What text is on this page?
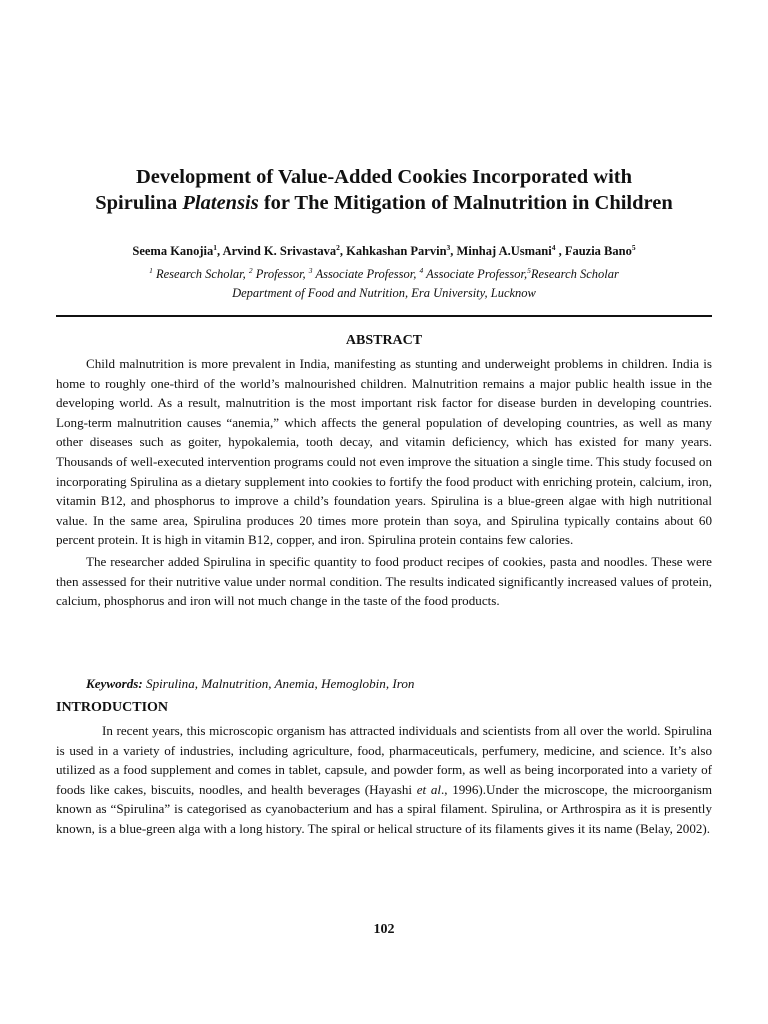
Development of Value-Added Cookies Incorporated with
Spirulina Platensis for The Mitigation of Malnutrition in Children
Seema Kanojia$^1$, Arvind K. Srivastava$^2$, Kahkashan Parvin$^3$, Minhaj A.Usmani$^4$ , Fauzia Bano$^5$
$^1$ Research Scholar, $^2$ Professor, $^3$ Associate Professor, $^4$ Associate Professor,$^5$Research Scholar
Department of Food and Nutrition, Era University, Lucknow
ABSTRACT

Child malnutrition is more prevalent in India, manifesting as stunting and underweight problems in children. India is home to roughly one-third of the world’s malnourished children. Malnutrition remains a major public health issue in the developing world. As a result, malnutrition is the most important risk factor for disease burden in developing countries. Long-term malnutrition causes “anemia,” which affects the general population of developing countries, as well as many other diseases such as goiter, hypokalemia, tooth decay, and vitamin deficiency, which has existed for many years. Thousands of well-executed intervention programs could not even improve the situation a single time. This study focused on incorporating Spirulina as a dietary supplement into cookies to fortify the food product with enriching protein, calcium, iron, vitamin B12, and phosphorus to improve a child’s foundation years. Spirulina is a blue-green algae with high nutritional value. In the same area, Spirulina produces 20 times more protein than soya, and Spirulina typically contains about 60 percent protein. It is high in vitamin B12, copper, and iron. Spirulina protein contains few calories.

The researcher added Spirulina in specific quantity to food product recipes of cookies, pasta and noodles. These were then assessed for their nutritive value under normal condition. The results indicated significantly increased values of protein, calcium, phosphorus and iron will not much change in the taste of the food products.

Keywords: Spirulina, Malnutrition, Anemia, Hemoglobin, Iron
INTRODUCTION

In recent years, this microscopic organism has attracted individuals and scientists from all over the world. Spirulina is used in a variety of industries, including agriculture, food, pharmaceuticals, perfumery, medicine, and science. It’s also utilized as a food supplement and comes in tablet, capsule, and powder form, as well as being incorporated into a variety of foods like cakes, biscuits, noodles, and health beverages (Hayashi et al., 1996).Under the microscope, the microorganism known as “Spirulina” is categorised as cyanobacterium and has a spiral filament. Spirulina, or Arthrospira as it is presently known, is a blue-green alga with a long history. The spiral or helical structure of its filaments gives it its name (Belay, 2002).

102
